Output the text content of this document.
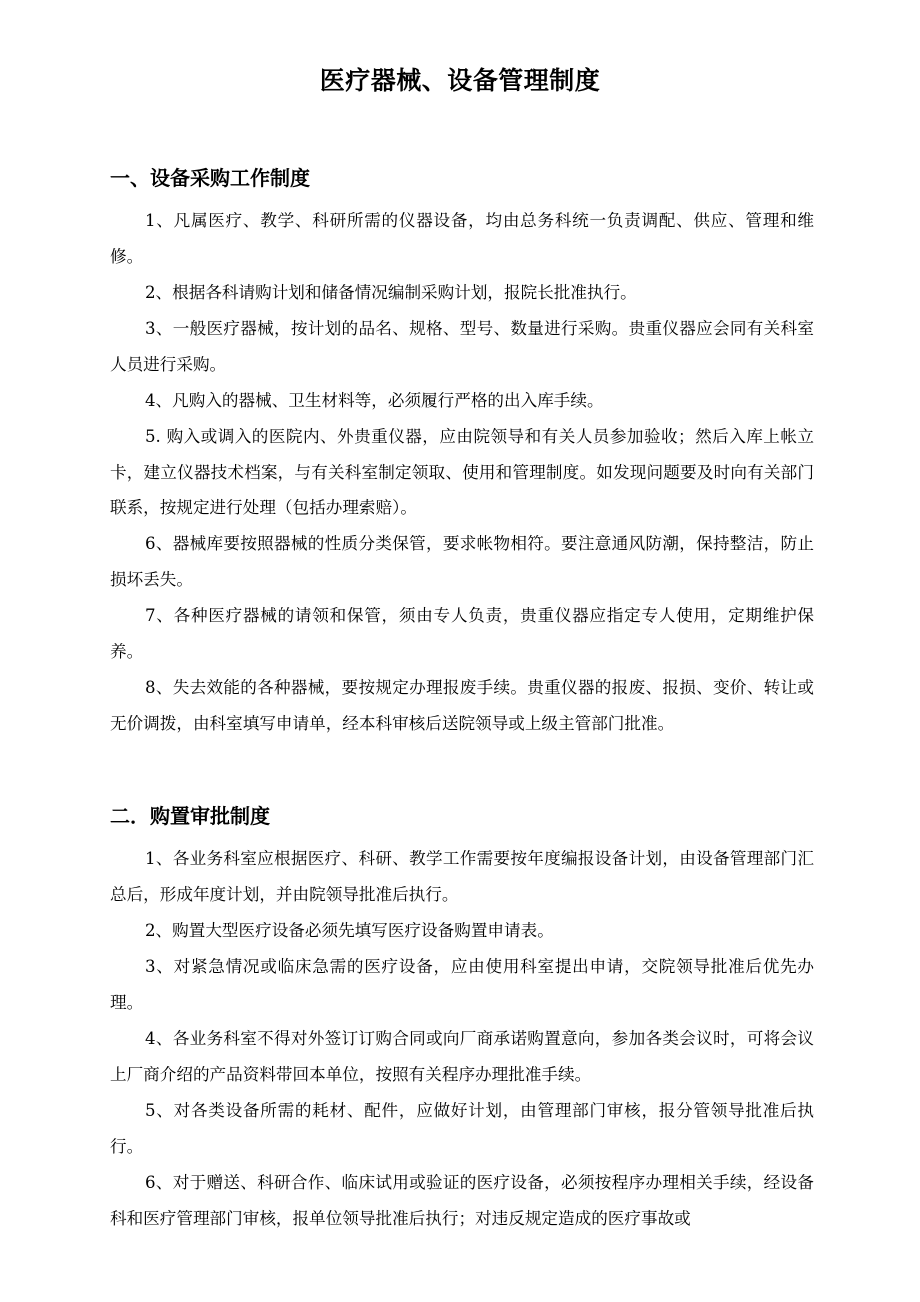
医疗器械、设备管理制度
一、设备采购工作制度

1、凡属医疗、教学、科研所需的仪器设备，均由总务科统一负责调配、供应、管理和维修。

2、根据各科请购计划和储备情况编制采购计划，报院长批准执行。

3、一般医疗器械，按计划的品名、规格、型号、数量进行采购。贵重仪器应会同有关科室人员进行采购。

4、凡购入的器械、卫生材料等，必须履行严格的出入库手续。

5. 购入或调入的医院内、外贵重仪器，应由院领导和有关人员参加验收；然后入库上帐立卡，建立仪器技术档案，与有关科室制定领取、使用和管理制度。如发现问题要及时向有关部门联系，按规定进行处理（包括办理索赔）。

6、器械库要按照器械的性质分类保管，要求帐物相符。要注意通风防潮，保持整洁，防止损坏丢失。

7、各种医疗器械的请领和保管，须由专人负责，贵重仪器应指定专人使用，定期维护保养。

8、失去效能的各种器械，要按规定办理报废手续。贵重仪器的报废、报损、变价、转让或无价调拨，由科室填写申请单，经本科审核后送院领导或上级主管部门批准。

二．购置审批制度

1、各业务科室应根据医疗、科研、教学工作需要按年度编报设备计划，由设备管理部门汇总后，形成年度计划，并由院领导批准后执行。

2、购置大型医疗设备必须先填写医疗设备购置申请表。

3、对紧急情况或临床急需的医疗设备，应由使用科室提出申请，交院领导批准后优先办理。

4、各业务科室不得对外签订订购合同或向厂商承诺购置意向，参加各类会议时，可将会议上厂商介绍的产品资料带回本单位，按照有关程序办理批准手续。

5、对各类设备所需的耗材、配件，应做好计划，由管理部门审核，报分管领导批准后执行。

6、对于赠送、科研合作、临床试用或验证的医疗设备，必须按程序办理相关手续，经设备科和医疗管理部门审核，报单位领导批准后执行；对违反规定造成的医疗事故或
